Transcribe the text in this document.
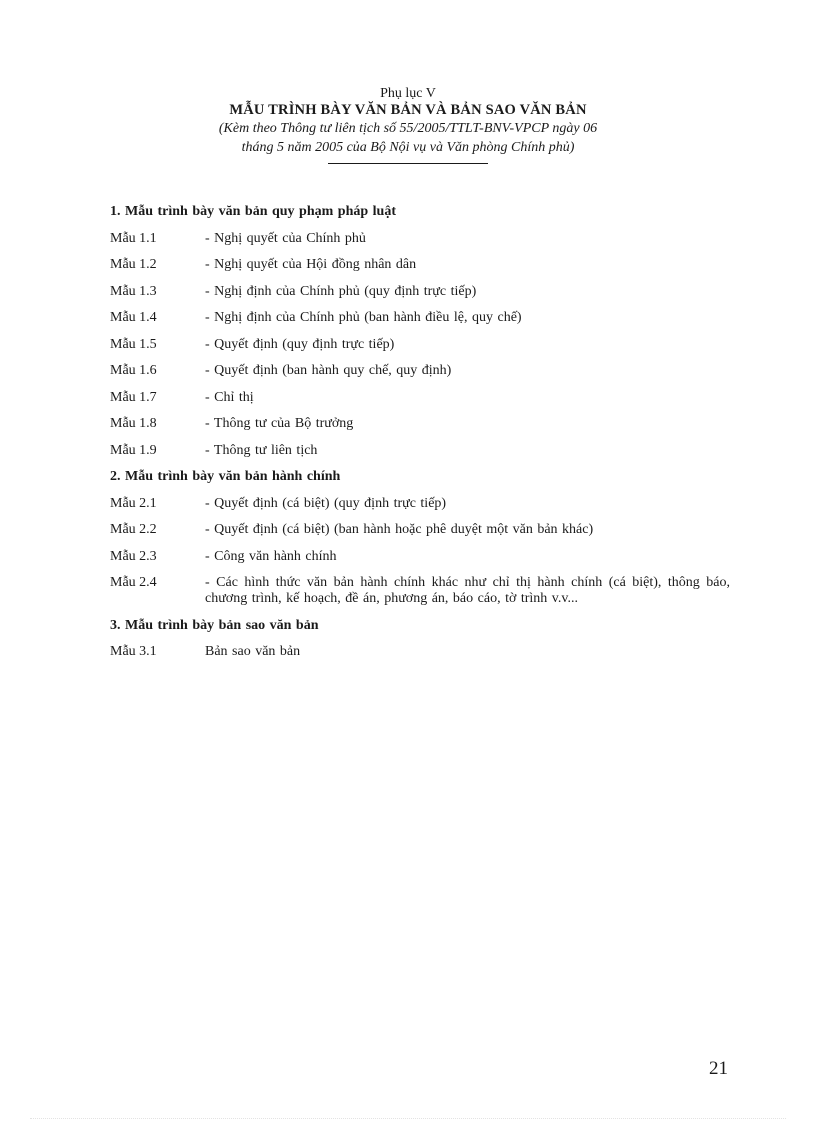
Phụ lục V
MẪU TRÌNH BÀY VĂN BẢN VÀ BẢN SAO VĂN BẢN
(Kèm theo Thông tư liên tịch số 55/2005/TTLT-BNV-VPCP ngày 06
tháng 5 năm 2005 của Bộ Nội vụ và Văn phòng Chính phủ)
1. Mẫu trình bày văn bản quy phạm pháp luật
Mẫu 1.1	- Nghị quyết của Chính phủ
Mẫu 1.2	- Nghị quyết của Hội đồng nhân dân
Mẫu 1.3	- Nghị định của Chính phủ (quy định trực tiếp)
Mẫu 1.4	- Nghị định của Chính phủ (ban hành điều lệ, quy chế)
Mẫu 1.5	- Quyết định (quy định trực tiếp)
Mẫu 1.6	- Quyết định (ban hành quy chế, quy định)
Mẫu 1.7	- Chỉ thị
Mẫu 1.8	- Thông tư của Bộ trưởng
Mẫu 1.9	- Thông tư liên tịch
2. Mẫu trình bày văn bản hành chính
Mẫu 2.1	- Quyết định (cá biệt) (quy định trực tiếp)
Mẫu 2.2	- Quyết định (cá biệt) (ban hành hoặc phê duyệt một văn bản khác)
Mẫu 2.3	- Công văn hành chính
Mẫu 2.4	- Các hình thức văn bản hành chính khác như chỉ thị hành chính (cá biệt), thông báo, chương trình, kế hoạch, đề án, phương án, báo cáo, tờ trình v.v...
3. Mẫu trình bày bản sao văn bản
Mẫu 3.1	Bản sao văn bản
21
